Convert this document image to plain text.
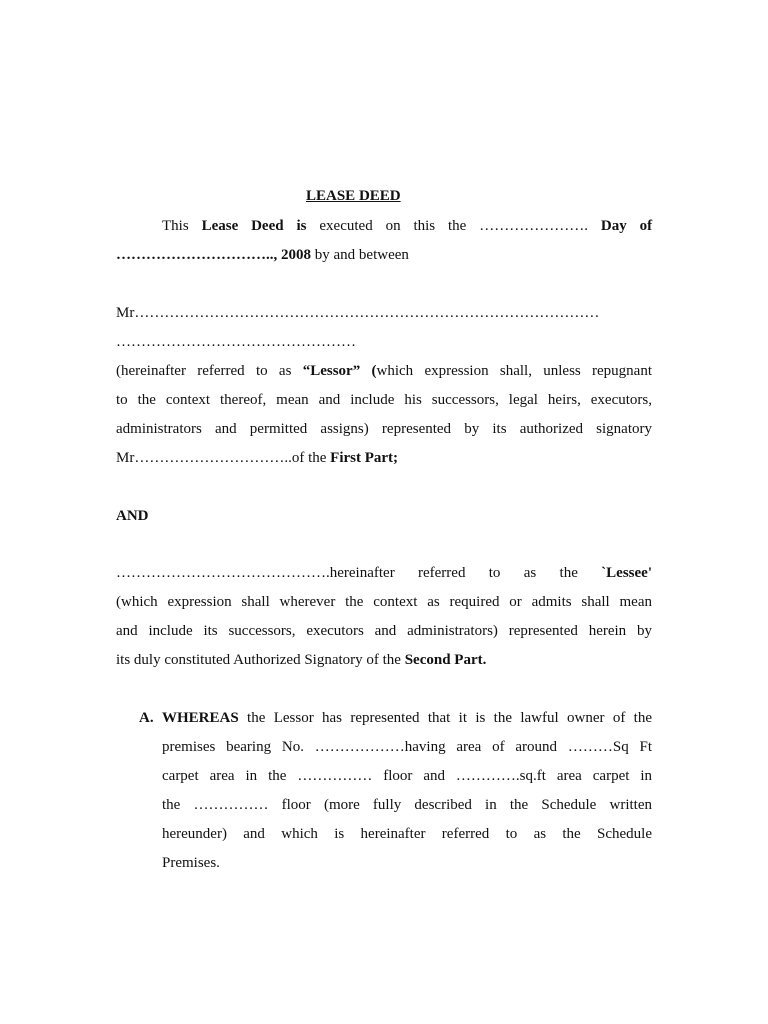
LEASE DEED
This Lease Deed is executed on this the …………………. Day of
………………………….., 2008 by and between
Mr…………………………………………………………………………………
…………………………………………
(hereinafter referred to as “Lessor” (which expression shall, unless repugnant
to the context thereof, mean and include his successors, legal heirs, executors,
administrators and permitted assigns) represented by its authorized signatory
Mr…………………………..of the First Part;
AND
…………………………………….hereinafter referred to as the `Lessee'
(which expression shall wherever the context as required or admits shall mean
and include its successors, executors and administrators) represented herein by
its duly constituted Authorized Signatory of the Second Part.
A. WHEREAS the Lessor has represented that it is the lawful owner of the
premises bearing No. ………………having area of around ………Sq Ft
carpet area in the …………… floor and ………….sq.ft area carpet in
the …………… floor (more fully described in the Schedule written
hereunder) and which is hereinafter referred to as the Schedule
Premises.
